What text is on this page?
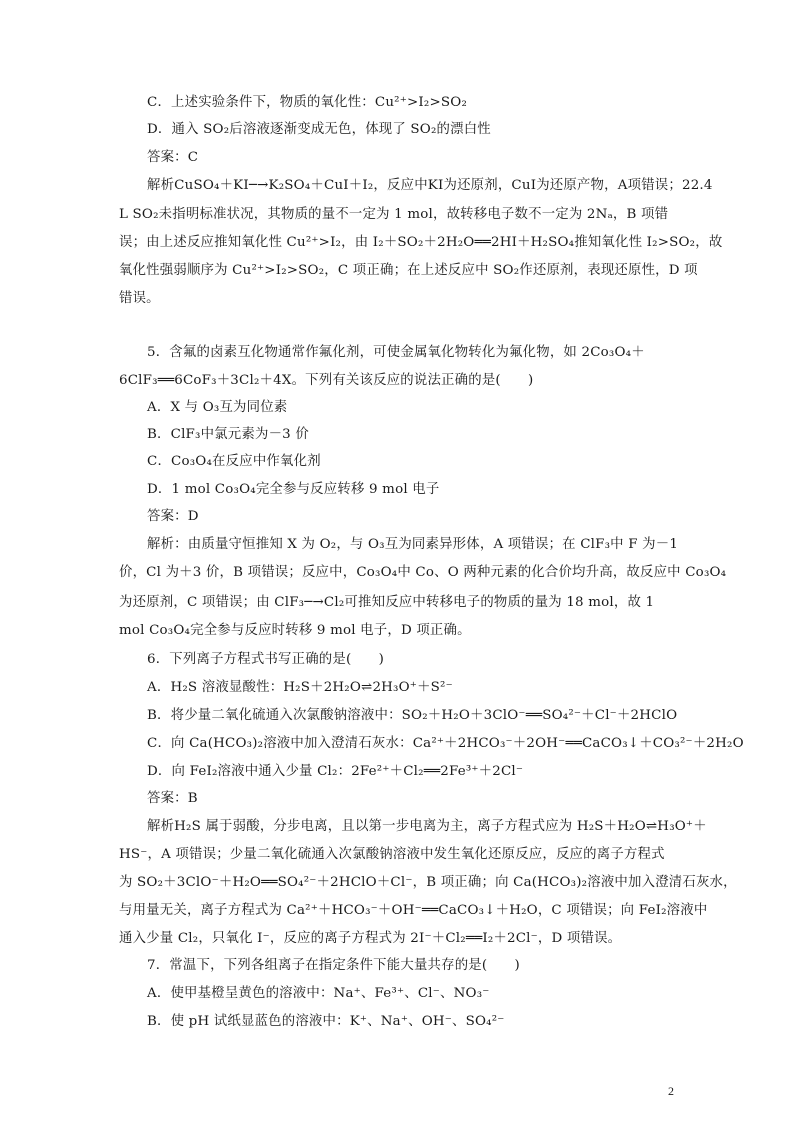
C．上述实验条件下，物质的氧化性：Cu²⁺>I₂>SO₂
D．通入 SO₂后溶液逐渐变成无色，体现了 SO₂的漂白性
答案：C
解析CuSO₄＋KI─→K₂SO₄＋CuI＋I₂，反应中KI为还原剂，CuI为还原产物，A项错误；22.4
L SO₂未指明标准状况，其物质的量不一定为 1 mol，故转移电子数不一定为 2Nₐ，B 项错
误；由上述反应推知氧化性 Cu²⁺>I₂，由 I₂＋SO₂＋2H₂O══2HI＋H₂SO₄推知氧化性 I₂>SO₂，故
氧化性强弱顺序为 Cu²⁺>I₂>SO₂，C 项正确；在上述反应中 SO₂作还原剂，表现还原性，D 项
错误。
5．含氟的卤素互化物通常作氟化剂，可使金属氧化物转化为氟化物，如 2Co₃O₄＋
6ClF₃══6CoF₃＋3Cl₂＋4X。下列有关该反应的说法正确的是(　　)
A．X 与 O₃互为同位素
B．ClF₃中氯元素为－3 价
C．Co₃O₄在反应中作氧化剂
D．1 mol Co₃O₄完全参与反应转移 9 mol 电子
答案：D
解析：由质量守恒推知 X 为 O₂，与 O₃互为同素异形体，A 项错误；在 ClF₃中 F 为－1
价，Cl 为＋3 价，B 项错误；反应中，Co₃O₄中 Co、O 两种元素的化合价均升高，故反应中 Co₃O₄
为还原剂，C 项错误；由 ClF₃─→Cl₂可推知反应中转移电子的物质的量为 18 mol，故 1
mol Co₃O₄完全参与反应时转移 9 mol 电子，D 项正确。
6．下列离子方程式书写正确的是(　　)
A．H₂S 溶液显酸性：H₂S＋2H₂O⇌2H₃O⁺＋S²⁻
B．将少量二氧化硫通入次氯酸钠溶液中：SO₂＋H₂O＋3ClO⁻══SO₄²⁻＋Cl⁻＋2HClO
C．向 Ca(HCO₃)₂溶液中加入澄清石灰水：Ca²⁺＋2HCO₃⁻＋2OH⁻══CaCO₃↓＋CO₃²⁻＋2H₂O
D．向 FeI₂溶液中通入少量 Cl₂：2Fe²⁺＋Cl₂══2Fe³⁺＋2Cl⁻
答案：B
解析H₂S 属于弱酸，分步电离，且以第一步电离为主，离子方程式应为 H₂S＋H₂O⇌H₃O⁺＋
HS⁻，A 项错误；少量二氧化硫通入次氯酸钠溶液中发生氧化还原反应，反应的离子方程式
为 SO₂＋3ClO⁻＋H₂O══SO₄²⁻＋2HClO＋Cl⁻，B 项正确；向 Ca(HCO₃)₂溶液中加入澄清石灰水，
与用量无关，离子方程式为 Ca²⁺＋HCO₃⁻＋OH⁻══CaCO₃↓＋H₂O，C 项错误；向 FeI₂溶液中
通入少量 Cl₂，只氧化 I⁻，反应的离子方程式为 2I⁻＋Cl₂══I₂＋2Cl⁻，D 项错误。
7．常温下，下列各组离子在指定条件下能大量共存的是(　　)
A．使甲基橙呈黄色的溶液中：Na⁺、Fe³⁺、Cl⁻、NO₃⁻
B．使 pH 试纸显蓝色的溶液中：K⁺、Na⁺、OH⁻、SO₄²⁻
2
